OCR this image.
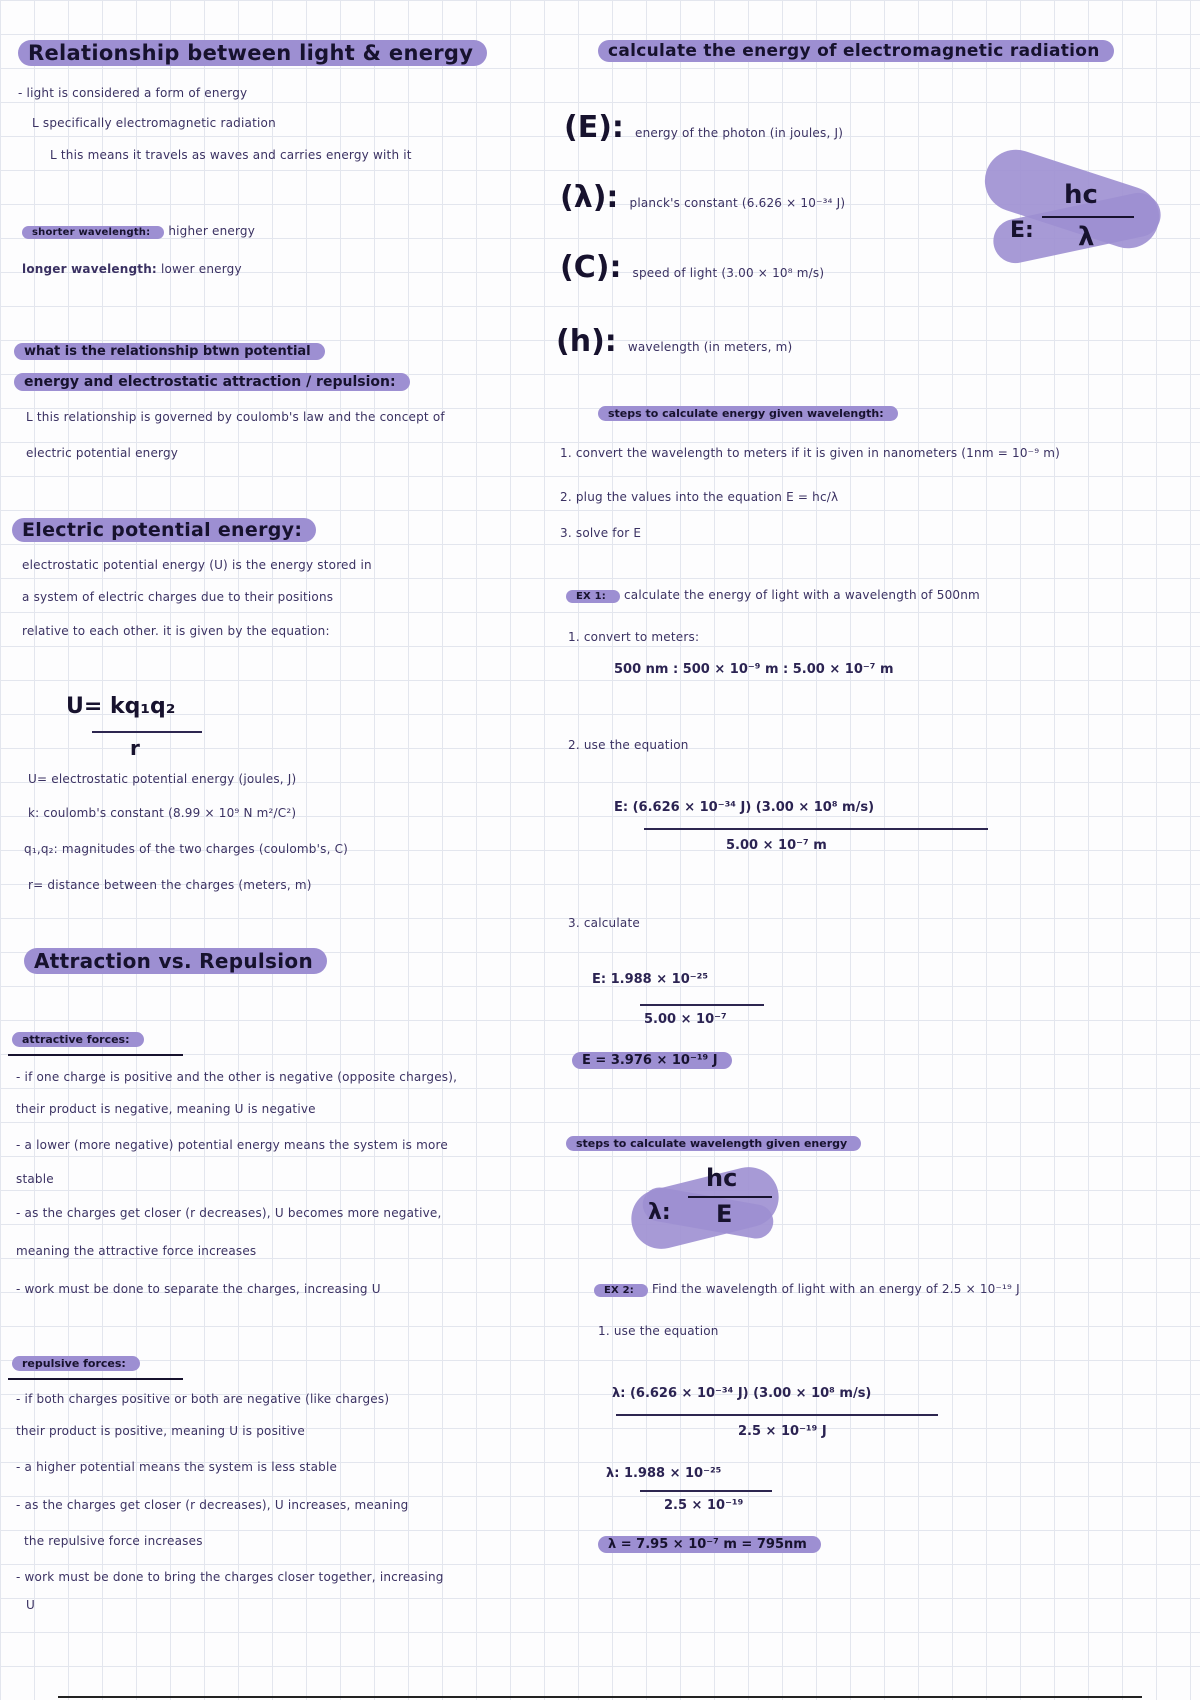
Relationship between light & energy
- light is considered a form of energy
L specifically electromagnetic radiation
L this means it travels as waves and carries energy with it
shorter wavelength: higher energy
longer wavelength: lower energy
what is the relationship btwn potential
energy and electrostatic attraction / repulsion:
L this relationship is governed by coulomb's law and the concept of
electric potential energy
Electric potential energy:
electrostatic potential energy (U) is the energy stored in
a system of electric charges due to their positions
relative to each other. it is given by the equation:
U= kq₁q₂
r
U= electrostatic potential energy (joules, J)
k: coulomb's constant (8.99 × 10⁹ N m²/C²)
q₁,q₂: magnitudes of the two charges (coulomb's, C)
r= distance between the charges (meters, m)
Attraction vs. Repulsion
attractive forces:
- if one charge is positive and the other is negative (opposite charges),
their product is negative, meaning U is negative
- a lower (more negative) potential energy means the system is more
stable
- as the charges get closer (r decreases), U becomes more negative,
meaning the attractive force increases
- work must be done to separate the charges, increasing U
repulsive forces:
- if both charges positive or both are negative (like charges)
their product is positive, meaning U is positive
- a higher potential means the system is less stable
- as the charges get closer (r decreases), U increases, meaning
the repulsive force increases
- work must be done to bring the charges closer together, increasing
U
calculate the energy of electromagnetic radiation
(E): energy of the photon (in joules, J)
(λ): planck's constant (6.626 × 10⁻³⁴ J)
(C): speed of light (3.00 × 10⁸ m/s)
(h): wavelength (in meters, m)
E:
hc
λ
steps to calculate energy given wavelength:
1. convert the wavelength to meters if it is given in nanometers (1nm = 10⁻⁹ m)
2. plug the values into the equation E = hc/λ
3. solve for E
EX 1: calculate the energy of light with a wavelength of 500nm
1. convert to meters:
500 nm : 500 × 10⁻⁹ m : 5.00 × 10⁻⁷ m
2. use the equation
E: (6.626 × 10⁻³⁴ J) (3.00 × 10⁸ m/s)
5.00 × 10⁻⁷ m
3. calculate
E: 1.988 × 10⁻²⁵
5.00 × 10⁻⁷
E = 3.976 × 10⁻¹⁹ J
steps to calculate wavelength given energy
λ:
hc
E
EX 2: Find the wavelength of light with an energy of 2.5 × 10⁻¹⁹ J
1. use the equation
λ: (6.626 × 10⁻³⁴ J) (3.00 × 10⁸ m/s)
2.5 × 10⁻¹⁹ J
λ: 1.988 × 10⁻²⁵
2.5 × 10⁻¹⁹
λ = 7.95 × 10⁻⁷ m = 795nm
